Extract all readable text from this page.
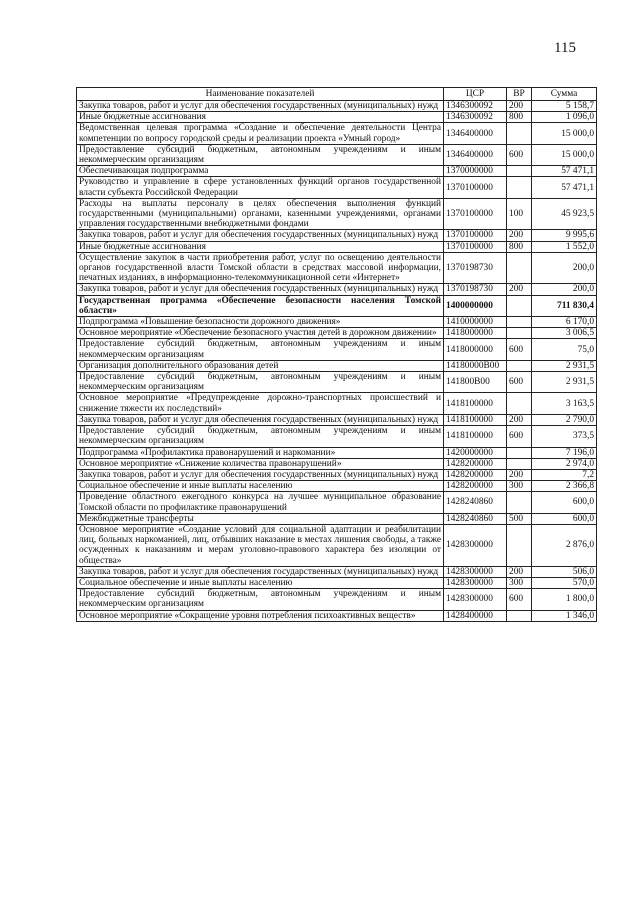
115
Наименование показателей	ЦСР	ВР	Сумма
Закупка товаров, работ и услуг для обеспечения государственных (муниципальных) нужд	1346300092	200	5 158,7
Иные бюджетные ассигнования	1346300092	800	1 096,0
Ведомственная целевая программа «Создание и обеспечение деятельности Центра компетенции по вопросу городской среды и реализации проекта «Умный город»	1346400000		15 000,0
Предоставление субсидий бюджетным, автономным учреждениям и иным некоммерческим организациям	1346400000	600	15 000,0
Обеспечивающая подпрограмма	1370000000		57 471,1
Руководство и управление в сфере установленных функций органов государственной власти субъекта Российской Федерации	1370100000		57 471,1
Расходы на выплаты персоналу в целях обеспечения выполнения функций государственными (муниципальными) органами, казенными учреждениями, органами управления государственными внебюджетными фондами	1370100000	100	45 923,5
Закупка товаров, работ и услуг для обеспечения государственных (муниципальных) нужд	1370100000	200	9 995,6
Иные бюджетные ассигнования	1370100000	800	1 552,0
Осуществление закупок в части приобретения работ, услуг по освещению деятельности органов государственной власти Томской области в средствах массовой информации, печатных изданиях, в информационно-телекоммуникационной сети «Интернет»	1370198730		200,0
Закупка товаров, работ и услуг для обеспечения государственных (муниципальных) нужд	1370198730	200	200,0
Государственная программа «Обеспечение безопасности населения Томской области»	1400000000		711 830,4
Подпрограмма «Повышение безопасности дорожного движения»	1410000000		6 170,0
Основное мероприятие «Обеспечение безопасного участия детей в дорожном движении»	1418000000		3 006,5
Предоставление субсидий бюджетным, автономным учреждениям и иным некоммерческим организациям	1418000000	600	75,0
Организация дополнительного образования детей	14180000В00		2 931,5
Предоставление субсидий бюджетным, автономным учреждениям и иным некоммерческим организациям	141800В00	600	2 931,5
Основное мероприятие «Предупреждение дорожно-транспортных происшествий и снижение тяжести их последствий»	1418100000		3 163,5
Закупка товаров, работ и услуг для обеспечения государственных (муниципальных) нужд	1418100000	200	2 790,0
Предоставление субсидий бюджетным, автономным учреждениям и иным некоммерческим организациям	1418100000	600	373,5
Подпрограмма «Профилактика правонарушений и наркомании»	1420000000		7 196,0
Основное мероприятие «Снижение количества правонарушений»	1428200000		2 974,0
Закупка товаров, работ и услуг для обеспечения государственных (муниципальных) нужд	1428200000	200	7,2
Социальное обеспечение и иные выплаты населению	1428200000	300	2 366,8
Проведение областного ежегодного конкурса на лучшее муниципальное образование Томской области по профилактике правонарушений	1428240860		600,0
Межбюджетные трансферты	1428240860	500	600,0
Основное мероприятие «Создание условий для социальной адаптации и реабилитации лиц, больных наркоманией, лиц, отбывших наказание в местах лишения свободы, а также осужденных к наказаниям и мерам уголовно-правового характера без изоляции от общества»	1428300000		2 876,0
Закупка товаров, работ и услуг для обеспечения государственных (муниципальных) нужд	1428300000	200	506,0
Социальное обеспечение и иные выплаты населению	1428300000	300	570,0
Предоставление субсидий бюджетным, автономным учреждениям и иным некоммерческим организациям	1428300000	600	1 800,0
Основное мероприятие «Сокращение уровня потребления психоактивных веществ»	1428400000		1 346,0
